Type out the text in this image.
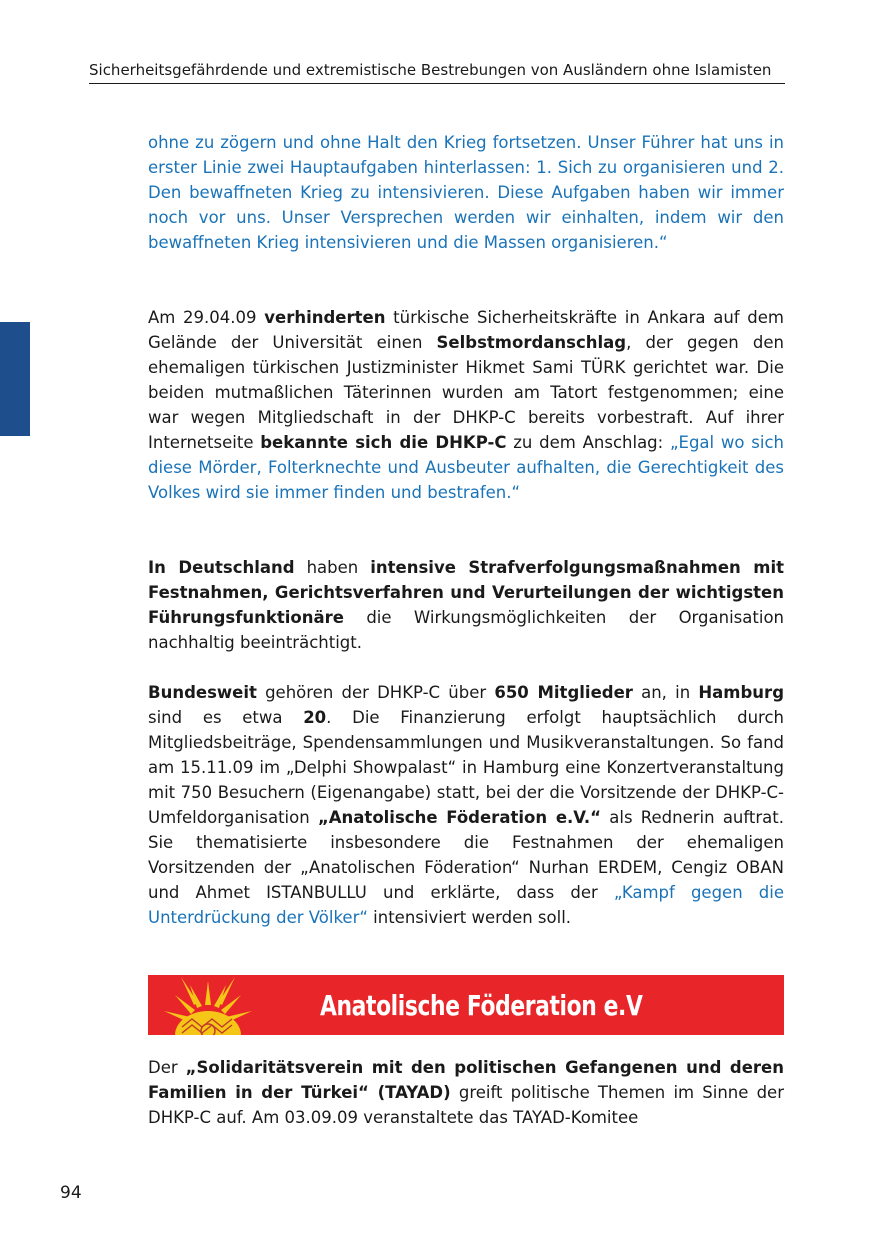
Sicherheitsgefährdende und extremistische Bestrebungen von Ausländern ohne Islamisten

ohne zu zögern und ohne Halt den Krieg fortsetzen. Unser Führer hat uns in erster Linie zwei Hauptaufgaben hinterlassen: 1. Sich zu organisieren und 2. Den bewaffneten Krieg zu intensivieren. Diese Aufgaben haben wir immer noch vor uns. Unser Versprechen werden wir einhalten, indem wir den bewaffneten Krieg intensivieren und die Massen organisieren.“

Am 29.04.09 verhinderten türkische Sicherheitskräfte in Ankara auf dem Gelände der Universität einen Selbstmordanschlag, der gegen den ehemaligen türkischen Justizminister Hikmet Sami TÜRK gerichtet war. Die beiden mutmaßlichen Täterinnen wurden am Tatort festgenommen; eine war wegen Mitgliedschaft in der DHKP-C bereits vorbestraft. Auf ihrer Internetseite bekannte sich die DHKP-C zu dem Anschlag: „Egal wo sich diese Mörder, Folterknechte und Ausbeuter aufhalten, die Gerechtigkeit des Volkes wird sie immer finden und bestrafen.“

In Deutschland haben intensive Strafverfolgungsmaßnahmen mit Festnahmen, Gerichtsverfahren und Verurteilungen der wichtigsten Führungsfunktionäre die Wirkungsmöglichkeiten der Organisation nachhaltig beeinträchtigt.

Bundesweit gehören der DHKP-C über 650 Mitglieder an, in Hamburg sind es etwa 20. Die Finanzierung erfolgt hauptsächlich durch Mitgliedsbeiträge, Spendensammlungen und Musikveranstaltungen. So fand am 15.11.09 im „Delphi Showpalast“ in Hamburg eine Konzertveranstaltung mit 750 Besuchern (Eigenangabe) statt, bei der die Vorsitzende der DHKP-C-Umfeldorganisation „Anatolische Föderation e.V.“ als Rednerin auftrat. Sie thematisierte insbesondere die Festnahmen der ehemaligen Vorsitzenden der „Anatolischen Föderation“ Nurhan ERDEM, Cengiz OBAN und Ahmet ISTANBULLU und erklärte, dass der „Kampf gegen die Unterdrückung der Völker“ intensiviert werden soll.

Anatolische Föderation e.V

Der „Solidaritätsverein mit den politischen Gefangenen und deren Familien in der Türkei“ (TAYAD) greift politische Themen im Sinne der DHKP-C auf. Am 03.09.09 veranstaltete das TAYAD-Komitee

94
